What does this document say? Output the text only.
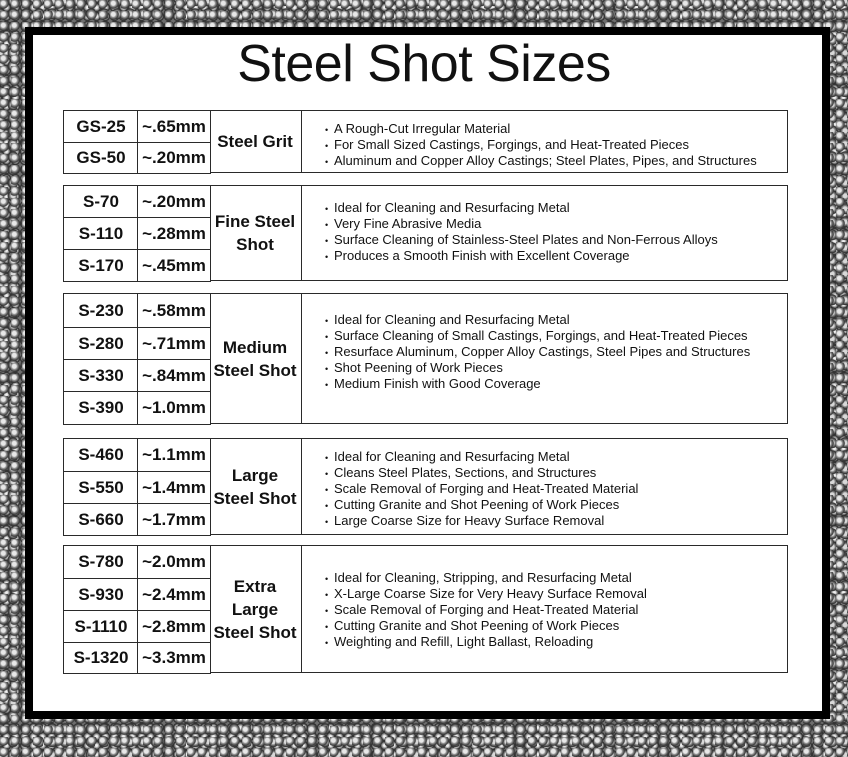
Steel Shot Sizes
GS-25 ~.65mm
GS-50 ~.20mm
Steel Grit
• A Rough-Cut Irregular Material
• For Small Sized Castings, Forgings, and Heat-Treated Pieces
• Aluminum and Copper Alloy Castings; Steel Plates, Pipes, and Structures
S-70	~.20mm
S-110	~.28mm
S-170	~.45mm
Fine Steel Shot
• Ideal for Cleaning and Resurfacing Metal
• Very Fine Abrasive Media
• Surface Cleaning of Stainless-Steel Plates and Non-Ferrous Alloys
• Produces a Smooth Finish with Excellent Coverage
S-230	~.58mm
S-280	~.71mm
S-330	~.84mm
S-390	~1.0mm
Medium Steel Shot
• Ideal for Cleaning and Resurfacing Metal
• Surface Cleaning of Small Castings, Forgings, and Heat-Treated Pieces
• Resurface Aluminum, Copper Alloy Castings, Steel Pipes and Structures
• Shot Peening of Work Pieces
• Medium Finish with Good Coverage
S-460	~1.1mm
S-550	~1.4mm
S-660	~1.7mm
Large Steel Shot
• Ideal for Cleaning and Resurfacing Metal
• Cleans Steel Plates, Sections, and Structures
• Scale Removal of Forging and Heat-Treated Material
• Cutting Granite and Shot Peening of Work Pieces
• Large Coarse Size for Heavy Surface Removal
S-780	~2.0mm
S-930	~2.4mm
S-1110 ~2.8mm
S-1320 ~3.3mm
Extra Large Steel Shot
• Ideal for Cleaning, Stripping, and Resurfacing Metal
• X-Large Coarse Size for Very Heavy Surface Removal
• Scale Removal of Forging and Heat-Treated Material
• Cutting Granite and Shot Peening of Work Pieces
• Weighting and Refill, Light Ballast, Reloading
